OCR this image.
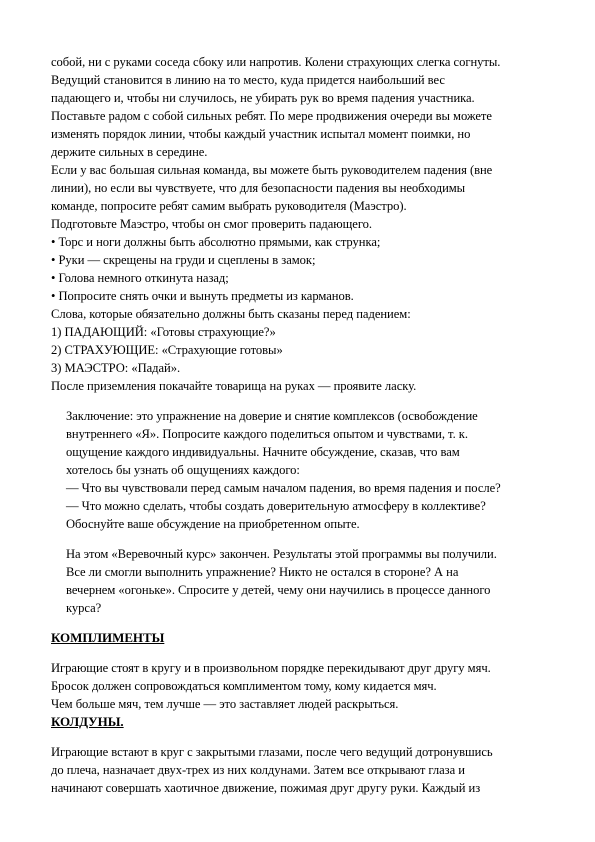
собой, ни с руками соседа сбоку или напротив. Колени страхующих слегка согнуты.
Ведущий становится в линию на то место, куда придется наибольший вес
падающего и, чтобы ни случилось, не убирать рук во время падения участника.
Поставьте радом с собой сильных ребят. По мере продвижения очереди вы можете
изменять порядок линии, чтобы каждый участник испытал момент поимки, но
держите сильных в середине.
Если у вас большая сильная команда, вы можете быть руководителем падения (вне
линии), но если вы чувствуете, что для безопасности падения вы необходимы
команде, попросите ребят самим выбрать руководителя (Маэстро).
Подготовьте Маэстро, чтобы он смог проверить падающего.
• Торс и ноги должны быть абсолютно прямыми, как струнка;
• Руки — скрещены на груди и сцеплены в замок;
• Голова немного откинута назад;
• Попросите снять очки и вынуть предметы из карманов.
Слова, которые обязательно должны быть сказаны перед падением:
1) ПАДАЮЩИЙ: «Готовы страхующие?»
2) СТРАХУЮЩИЕ: «Страхующие готовы»
3) МАЭСТРО: «Падай».
После приземления покачайте товарища на руках — проявите ласку.
Заключение: это упражнение на доверие и снятие комплексов (освобождение
внутреннего «Я». Попросите каждого поделиться опытом и чувствами, т. к.
ощущение каждого индивидуальны. Начните обсуждение, сказав, что вам
хотелось бы узнать об ощущениях каждого:
— Что вы чувствовали перед самым началом падения, во время падения и после?
— Что можно сделать, чтобы создать доверительную атмосферу в коллективе?
Обоснуйте ваше обсуждение на приобретенном опыте.
На этом «Веревочный курс» закончен. Результаты этой программы вы получили.
Все ли смогли выполнить упражнение? Никто не остался в стороне? А на
вечернем «огоньке». Спросите у детей, чему они научились в процессе данного
курса?
КОМПЛИМЕНТЫ
Играющие стоят в кругу и в произвольном порядке перекидывают друг другу мяч.
Бросок должен сопровождаться комплиментом тому, кому кидается мяч.
Чем больше мяч, тем лучше — это заставляет людей раскрыться.
КОЛДУНЫ.
Играющие встают в круг с закрытыми глазами, после чего ведущий дотронувшись
до плеча, назначает двух-трех из них колдунами. Затем все открывают глаза и
начинают совершать хаотичное движение, пожимая друг другу руки. Каждый из
